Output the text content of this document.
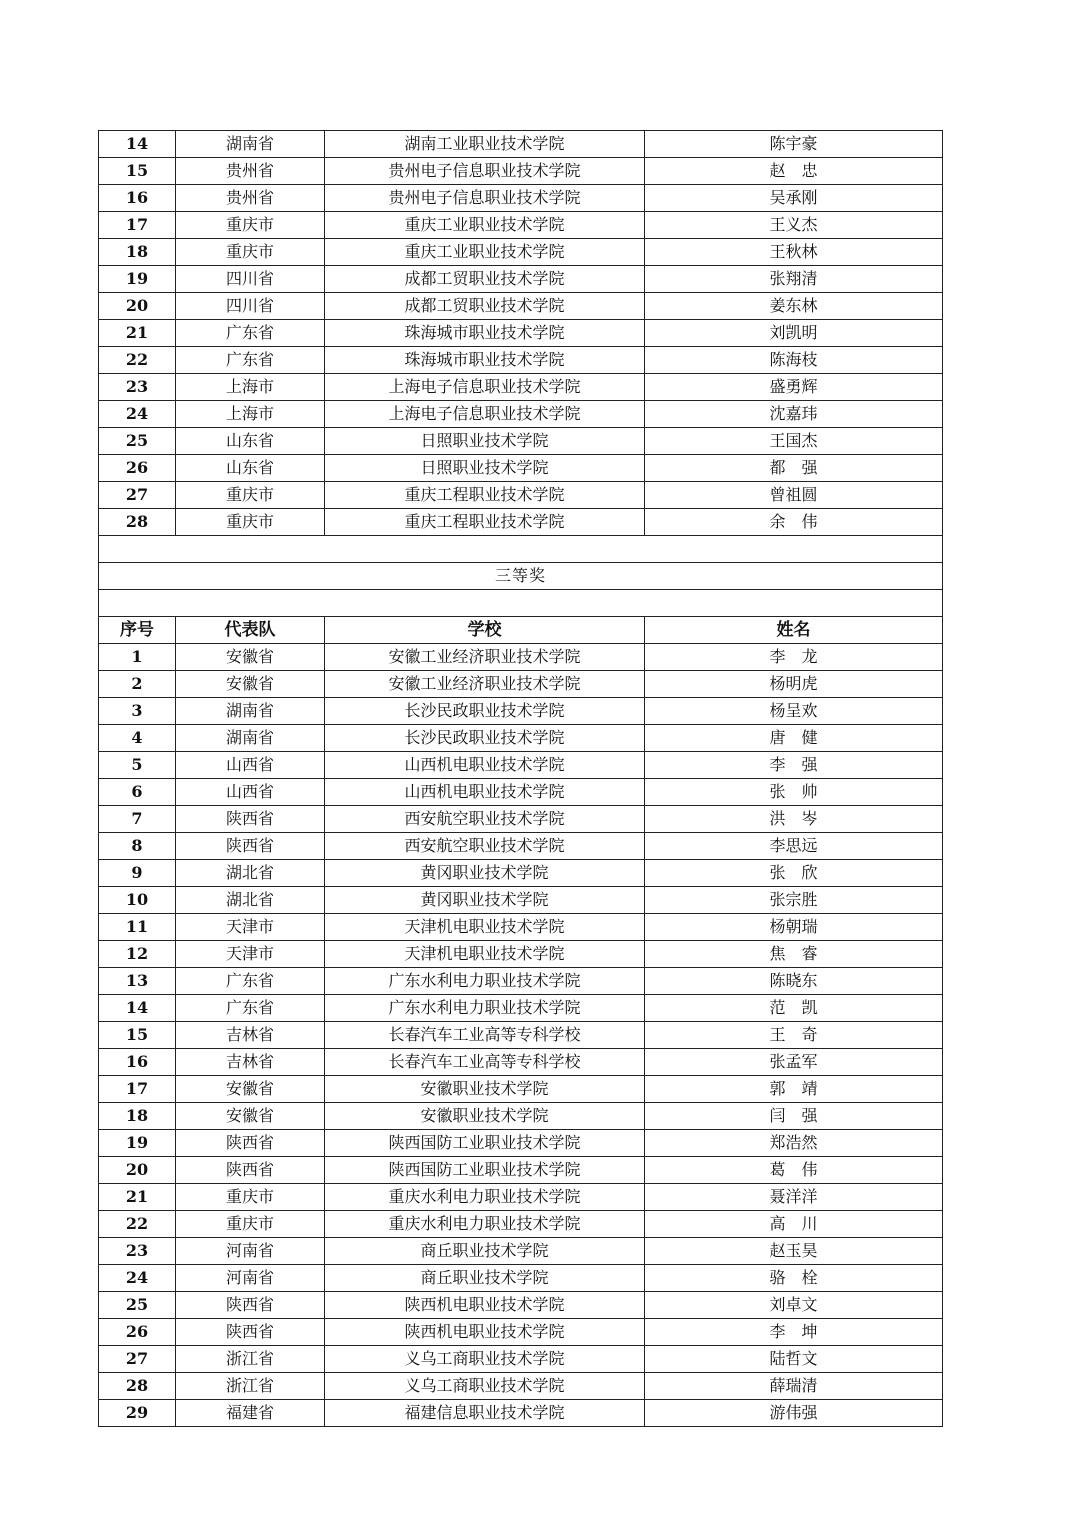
14	湖南省	湖南工业职业技术学院	陈宇豪
15	贵州省	贵州电子信息职业技术学院	赵　忠
16	贵州省	贵州电子信息职业技术学院	吴承刚
17	重庆市	重庆工业职业技术学院	王义杰
18	重庆市	重庆工业职业技术学院	王秋林
19	四川省	成都工贸职业技术学院	张翔清
20	四川省	成都工贸职业技术学院	姜东林
21	广东省	珠海城市职业技术学院	刘凯明
22	广东省	珠海城市职业技术学院	陈海枝
23	上海市	上海电子信息职业技术学院	盛勇辉
24	上海市	上海电子信息职业技术学院	沈嘉玮
25	山东省	日照职业技术学院	王国杰
26	山东省	日照职业技术学院	都　强
27	重庆市	重庆工程职业技术学院	曾祖圆
28	重庆市	重庆工程职业技术学院	余　伟

三等奖			

序号	代表队	学校	姓名
1	安徽省	安徽工业经济职业技术学院	李　龙
2	安徽省	安徽工业经济职业技术学院	杨明虎
3	湖南省	长沙民政职业技术学院	杨呈欢
4	湖南省	长沙民政职业技术学院	唐　健
5	山西省	山西机电职业技术学院	李　强
6	山西省	山西机电职业技术学院	张　帅
7	陕西省	西安航空职业技术学院	洪　岑
8	陕西省	西安航空职业技术学院	李思远
9	湖北省	黄冈职业技术学院	张　欣
10	湖北省	黄冈职业技术学院	张宗胜
11	天津市	天津机电职业技术学院	杨朝瑞
12	天津市	天津机电职业技术学院	焦　睿
13	广东省	广东水利电力职业技术学院	陈晓东
14	广东省	广东水利电力职业技术学院	范　凯
15	吉林省	长春汽车工业高等专科学校	王　奇
16	吉林省	长春汽车工业高等专科学校	张孟军
17	安徽省	安徽职业技术学院	郭　靖
18	安徽省	安徽职业技术学院	闫　强
19	陕西省	陕西国防工业职业技术学院	郑浩然
20	陕西省	陕西国防工业职业技术学院	葛　伟
21	重庆市	重庆水利电力职业技术学院	聂洋洋
22	重庆市	重庆水利电力职业技术学院	高　川
23	河南省	商丘职业技术学院	赵玉昊
24	河南省	商丘职业技术学院	骆　栓
25	陕西省	陕西机电职业技术学院	刘卓文
26	陕西省	陕西机电职业技术学院	李　坤
27	浙江省	义乌工商职业技术学院	陆哲文
28	浙江省	义乌工商职业技术学院	薛瑞清
29	福建省	福建信息职业技术学院	游伟强
